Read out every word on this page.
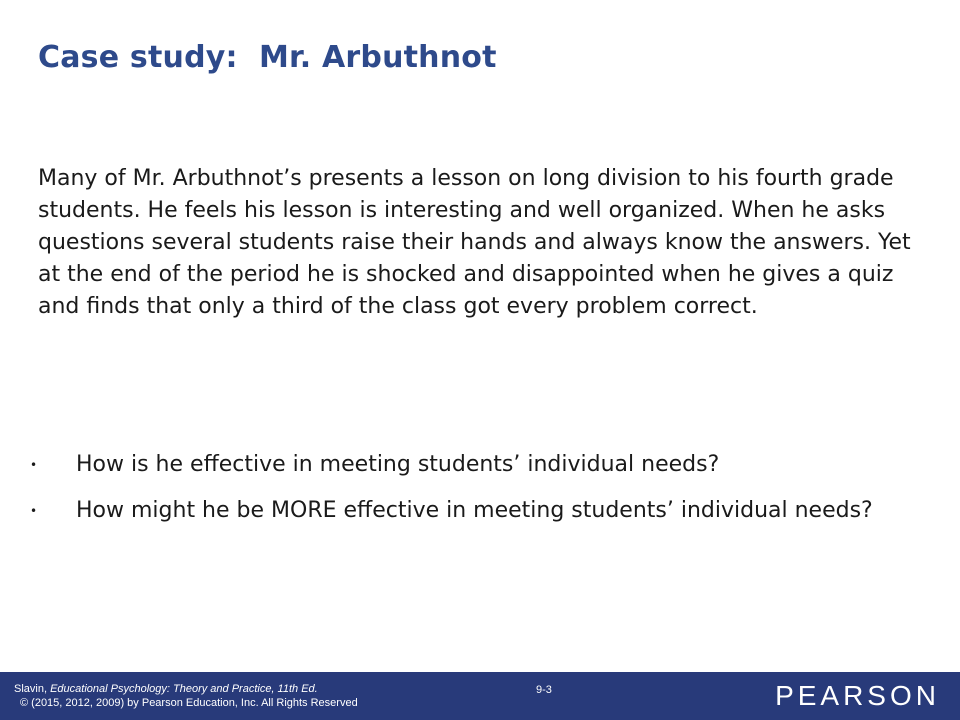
Case study:  Mr. Arbuthnot

Many of Mr. Arbuthnot’s presents a lesson on long division to his fourth grade students. He feels his lesson is interesting and well organized. When he asks questions several students raise their hands and always know the answers. Yet at the end of the period he is shocked and disappointed when he gives a quiz and finds that only a third of the class got every problem correct.

• How is he effective in meeting students’ individual needs?
• How might he be MORE effective in meeting students’ individual needs?
Slavin, Educational Psychology: Theory and Practice, 11th Ed.
© (2015, 2012, 2009) by Pearson Education, Inc. All Rights Reserved
9-3	PEARSON
